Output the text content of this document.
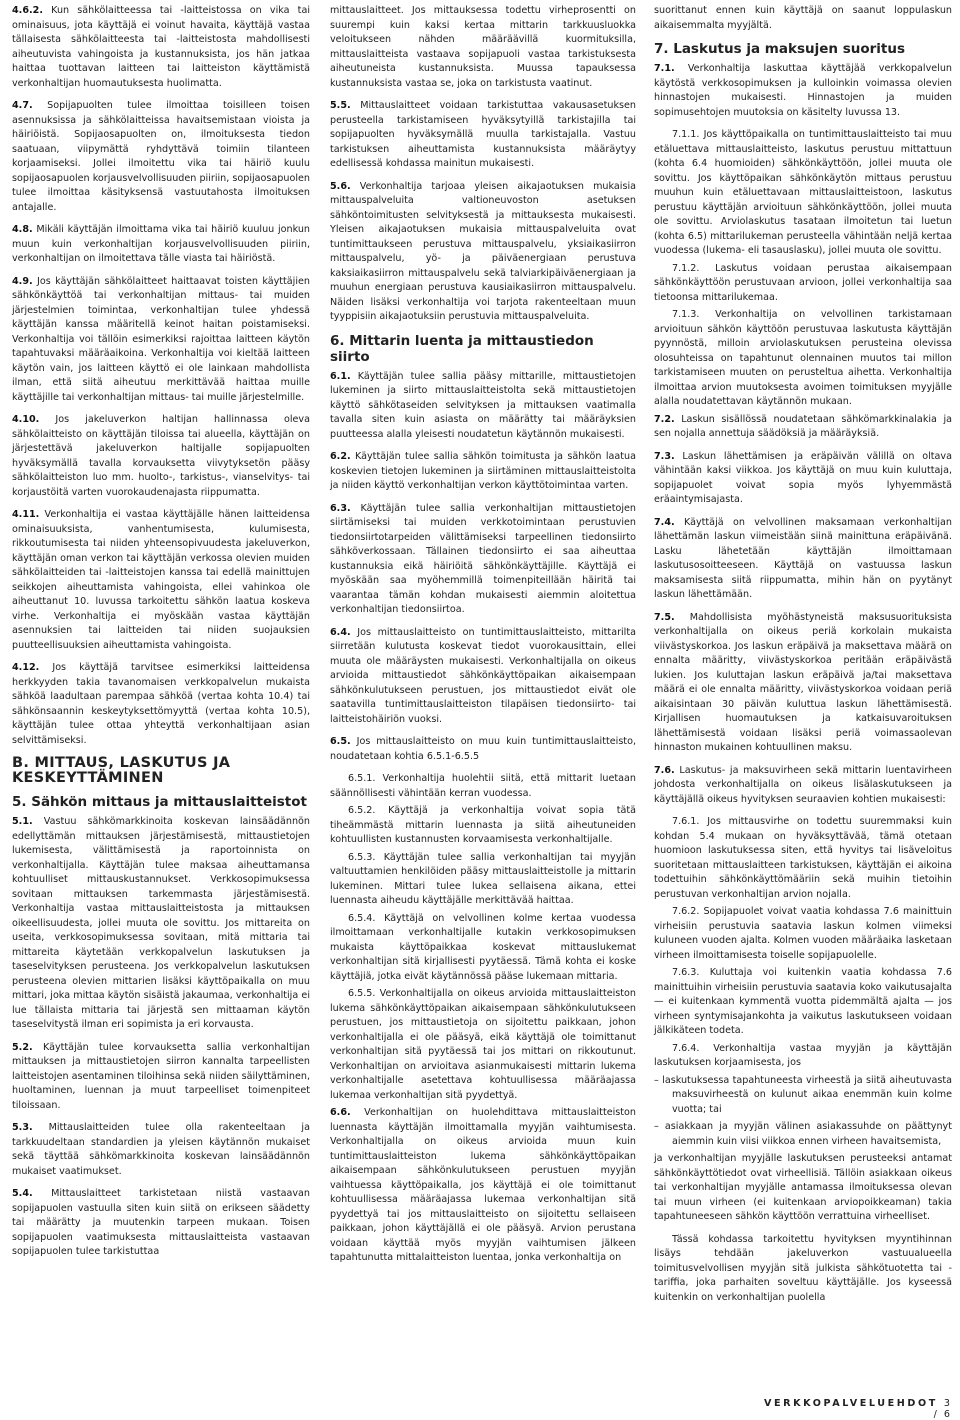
4.6.2. Kun sähkölaitteessa tai -laitteistossa on vika tai ominaisuus, jota käyttäjä ei voinut havaita, käyttäjä vastaa tällaisesta sähkölaitteesta tai -laitteistosta mahdollisesti aiheutuvista vahingoista ja kustannuksista, jos hän jatkaa haittaa tuottavan laitteen tai laitteiston käyttämistä verkonhaltijan huomautuksesta huolimatta.

4.7. Sopijapuolten tulee ilmoittaa toisilleen toisen asennuksissa ja sähkölaitteissa havaitsemistaan vioista ja häiriöistä. Sopijaosapuolten on, ilmoituksesta tiedon saatuaan, viipymättä ryhdyttävä toimiin tilanteen korjaamiseksi. Jollei ilmoitettu vika tai häiriö kuulu sopijaosapuolen korjausvelvollisuuden piiriin, sopijaosapuolen tulee ilmoittaa käsityksensä vastuutahosta ilmoituksen antajalle.

4.8. Mikäli käyttäjän ilmoittama vika tai häiriö kuuluu jonkun muun kuin verkonhaltijan korjausvelvollisuuden piiriin, verkonhaltijan on ilmoitettava tälle viasta tai häiriöstä.

4.9. Jos käyttäjän sähkölaitteet haittaavat toisten käyttäjien sähkönkäyttöä tai verkonhaltijan mittaus- tai muiden järjestelmien toimintaa, verkonhaltijan tulee yhdessä käyttäjän kanssa määritellä keinot haitan poistamiseksi. Verkonhaltija voi tällöin esimerkiksi rajoittaa laitteen käytön tapahtuvaksi määräaikoina. Verkonhaltija voi kieltää laitteen käytön vain, jos laitteen käyttö ei ole lainkaan mahdollista ilman, että siitä aiheutuu merkittävää haittaa muille käyttäjille tai verkonhaltijan mittaus- tai muille järjestelmille.

4.10. Jos jakeluverkon haltijan hallinnassa oleva sähkölaitteisto on käyttäjän tiloissa tai alueella, käyttäjän on järjestettävä jakeluverkon haltijalle sopijapuolten hyväksymällä tavalla korvauksetta viivytyksetön pääsy sähkölaitteiston luo mm. huolto-, tarkistus-, vianselvitys- tai korjaustöitä varten vuorokaudenajasta riippumatta.

4.11. Verkonhaltija ei vastaa käyttäjälle hänen laitteidensa ominaisuuksista, vanhentumisesta, kulumisesta, rikkoutumisesta tai niiden yhteensopivuudesta jakeluverkon, käyttäjän oman verkon tai käyttäjän verkossa olevien muiden sähkölaitteiden tai -laitteistojen kanssa tai edellä mainittujen seikkojen aiheuttamista vahingoista, ellei vahinkoa ole aiheuttanut 10. luvussa tarkoitettu sähkön laatua koskeva virhe. Verkonhaltija ei myöskään vastaa käyttäjän asennuksien tai laitteiden tai niiden suojauksien puutteellisuuksien aiheuttamista vahingoista.

4.12. Jos käyttäjä tarvitsee esimerkiksi laitteidensa herkkyyden takia tavanomaisen verkkopalvelun mukaista sähköä laadultaan parempaa sähköä (vertaa kohta 10.4) tai sähkönsaannin keskeytyksettömyyttä (vertaa kohta 10.5), käyttäjän tulee ottaa yhteyttä verkonhaltijaan asian selvittämiseksi.

B. MITTAUS, LASKUTUS JA KESKEYTTÄMINEN
5. Sähkön mittaus ja mittauslaitteistot

5.1. Vastuu sähkömarkkinoita koskevan lainsäädännön edellyttämän mittauksen järjestämisestä, mittaustietojen lukemisesta, välittämisestä ja raportoinnista on verkonhaltijalla. Käyttäjän tulee maksaa aiheuttamansa kohtuulliset mittauskustannukset. Verkkosopimuksessa sovitaan mittauksen tarkemmasta järjestämisestä. Verkonhaltija vastaa mittauslaitteistosta ja mittauksen oikeellisuudesta, jollei muuta ole sovittu. Jos mittareita on useita, verkkosopimuksessa sovitaan, mitä mittaria tai mittareita käytetään verkkopalvelun laskutuksen ja taseselvityksen perusteena. Jos verkkopalvelun laskutuksen perusteena olevien mittarien lisäksi käyttöpaikalla on muu mittari, joka mittaa käytön sisäistä jakaumaa, verkonhaltija ei lue tällaista mittaria tai järjestä sen mittaaman käytön taseselvitystä ilman eri sopimista ja eri korvausta.

5.2. Käyttäjän tulee korvauksetta sallia verkonhaltijan mittauksen ja mittaustietojen siirron kannalta tarpeellisten laitteistojen asentaminen tiloihinsa sekä niiden säilyttäminen, huoltaminen, luennan ja muut tarpeelliset toimenpiteet tiloissaan.

5.3. Mittauslaitteiden tulee olla rakenteeltaan ja tarkkuudeltaan standardien ja yleisen käytännön mukaiset sekä täyttää sähkömarkkinoita koskevan lainsäädännön mukaiset vaatimukset.

5.4. Mittauslaitteet tarkistetaan niistä vastaavan sopijapuolen vastuulla siten kuin siitä on erikseen säädetty tai määrätty ja muutenkin tarpeen mukaan. Toisen sopijapuolen vaatimuksesta mittauslaitteista vastaavan sopijapuolen tulee tarkistuttaa

mittauslaitteet. Jos mittauksessa todettu virheprosentti on suurempi kuin kaksi kertaa mittarin tarkkuusluokka veloitukseen nähden määräävillä kuormituksilla, mittauslaitteista vastaava sopijapuoli vastaa tarkistuksesta aiheutuneista kustannuksista. Muussa tapauksessa kustannuksista vastaa se, joka on tarkistusta vaatinut.

5.5. Mittauslaitteet voidaan tarkistuttaa vakausasetuksen perusteella tarkistamiseen hyväksytyillä tarkistajilla tai sopijapuolten hyväksymällä muulla tarkistajalla. Vastuu tarkistuksen aiheuttamista kustannuksista määräytyy edellisessä kohdassa mainitun mukaisesti.

5.6. Verkonhaltija tarjoaa yleisen aikajaotuksen mukaisia mittauspalveluita valtioneuvoston asetuksen sähköntoimitusten selvityksestä ja mittauksesta mukaisesti. Yleisen aikajaotuksen mukaisia mittauspalveluita ovat tuntimittaukseen perustuva mittauspalvelu, yksiaikasiirron mittauspalvelu, yö- ja päiväenergiaan perustuva kaksiaikasiirron mittauspalvelu sekä talviarkipäiväenergiaan ja muuhun energiaan perustuva kausiaikasiirron mittauspalvelu. Näiden lisäksi verkonhaltija voi tarjota rakenteeltaan muun tyyppisiin aikajaotuksiin perustuvia mittauspalveluita.

6. Mittarin luenta ja mittaustiedon siirto

6.1. Käyttäjän tulee sallia pääsy mittarille, mittaustietojen lukeminen ja siirto mittauslaitteistolta sekä mittaustietojen käyttö sähkötaseiden selvityksen ja mittauksen vaatimalla tavalla siten kuin asiasta on määrätty tai määräyksien puutteessa alalla yleisesti noudatetun käytännön mukaisesti.

6.2. Käyttäjän tulee sallia sähkön toimitusta ja sähkön laatua koskevien tietojen lukeminen ja siirtäminen mittauslaitteistolta ja niiden käyttö verkonhaltijan verkon käyttötoimintaa varten.

6.3. Käyttäjän tulee sallia verkonhaltijan mittaustietojen siirtämiseksi tai muiden verkkotoimintaan perustuvien tiedonsiirtotarpeiden välittämiseksi tarpeellinen tiedonsiirto sähköverkossaan. Tällainen tiedonsiirto ei saa aiheuttaa kustannuksia eikä häiriöitä sähkönkäyttäjille. Käyttäjä ei myöskään saa myöhemmillä toimenpiteillään häiritä tai vaarantaa tämän kohdan mukaisesti aiemmin aloitettua verkonhaltijan tiedonsiirtoa.

6.4. Jos mittauslaitteisto on tuntimittauslaitteisto, mittarilta siirretään kulutusta koskevat tiedot vuorokausittain, ellei muuta ole määräysten mukaisesti. Verkonhaltijalla on oikeus arvioida mittaustiedot sähkönkäyttöpaikan aikaisempaan sähkönkulutukseen perustuen, jos mittaustiedot eivät ole saatavilla tuntimittauslaitteiston tilapäisen tiedonsiirto- tai laitteistohäiriön vuoksi.

6.5. Jos mittauslaitteisto on muu kuin tuntimittauslaitteisto, noudatetaan kohtia 6.5.1-6.5.5

6.5.1. Verkonhaltija huolehtii siitä, että mittarit luetaan säännöllisesti vähintään kerran vuodessa.

6.5.2. Käyttäjä ja verkonhaltija voivat sopia tätä tiheämmästä mittarin luennasta ja siitä aiheutuneiden kohtuullisten kustannusten korvaamisesta verkonhaltijalle.

6.5.3. Käyttäjän tulee sallia verkonhaltijan tai myyjän valtuuttamien henkilöiden pääsy mittauslaitteistolle ja mittarin lukeminen. Mittari tulee lukea sellaisena aikana, ettei luennasta aiheudu käyttäjälle merkittävää haittaa.

6.5.4. Käyttäjä on velvollinen kolme kertaa vuodessa ilmoittamaan verkonhaltijalle kutakin verkkosopimuksen mukaista käyttöpaikkaa koskevat mittauslukemat verkonhaltijan sitä kirjallisesti pyytäessä. Tämä kohta ei koske käyttäjiä, jotka eivät käytännössä pääse lukemaan mittaria.

6.5.5. Verkonhaltijalla on oikeus arvioida mittauslaitteiston lukema sähkönkäyttöpaikan aikaisempaan sähkönkulutukseen perustuen, jos mittaustietoja on sijoitettu paikkaan, johon verkonhaltijalla ei ole pääsyä, eikä käyttäjä ole toimittanut verkonhaltijan sitä pyytäessä tai jos mittari on rikkoutunut. Verkonhaltijan on arvioitava asianmukaisesti mittarin lukema verkonhaltijalle asetettava kohtuullisessa määräajassa lukemaa verkonhaltijan sitä pyydettyä.

6.6. Verkonhaltijan on huolehdittava mittauslaitteiston luennasta käyttäjän ilmoittamalla myyjän vaihtumisesta. Verkonhaltijalla on oikeus arvioida muun kuin tuntimittauslaitteiston lukema sähkönkäyttöpaikan aikaisempaan sähkönkulutukseen perustuen myyjän vaihtuessa käyttöpaikalla, jos käyttäjä ei ole toimittanut kohtuullisessa määräajassa lukemaa verkonhaltijan sitä pyydettyä tai jos mittauslaitteisto on sijoitettu sellaiseen paikkaan, johon käyttäjällä ei ole pääsyä. Arvion perustana voidaan käyttää myös myyjän vaihtumisen jälkeen tapahtunutta mittalaitteiston luentaa, jonka verkonhaltija on

suorittanut ennen kuin käyttäjä on saanut loppulaskun aikaisemmalta myyjältä.

7. Laskutus ja maksujen suoritus

7.1. Verkonhaltija laskuttaa käyttäjää verkkopalvelun käytöstä verkkosopimuksen ja kulloinkin voimassa olevien hinnastojen mukaisesti. Hinnastojen ja muiden sopimusehtojen muutoksia on käsitelty luvussa 13.

7.1.1. Jos käyttöpaikalla on tuntimittauslaitteisto tai muu etäluettava mittauslaitteisto, laskutus perustuu mittattuun (kohta 6.4 huomioiden) sähkönkäyttöön, jollei muuta ole sovittu. Jos käyttöpaikan sähkönkäytön mittaus perustuu muuhun kuin etäluettavaan mittauslaitteistoon, laskutus perustuu käyttäjän arvioituun sähkönkäyttöön, jollei muuta ole sovittu. Arviolaskutus tasataan ilmoitetun tai luetun (kohta 6.5) mittarilukeman perusteella vähintään neljä kertaa vuodessa (lukema- eli tasauslasku), jollei muuta ole sovittu.

7.1.2. Laskutus voidaan perustaa aikaisempaan sähkönkäyttöön perustuvaan arvioon, jollei verkonhaltija saa tietoonsa mittarilukemaa.

7.1.3. Verkonhaltija on velvollinen tarkistamaan arvioituun sähkön käyttöön perustuvaa laskutusta käyttäjän pyynnöstä, milloin arviolaskutuksen perusteina olevissa olosuhteissa on tapahtunut olennainen muutos tai millon tarkistamiseen muuten on perusteltua aihetta. Verkonhaltija ilmoittaa arvion muutoksesta avoimen toimituksen myyjälle alalla noudatettavan käytännön mukaan.

7.2. Laskun sisällössä noudatetaan sähkömarkkinalakia ja sen nojalla annettuja säädöksiä ja määräyksiä.

7.3. Laskun lähettämisen ja eräpäivän välillä on oltava vähintään kaksi viikkoa. Jos käyttäjä on muu kuin kuluttaja, sopijapuolet voivat sopia myös lyhyemmästä eräaintymisajasta.

7.4. Käyttäjä on velvollinen maksamaan verkonhaltijan lähettämän laskun viimeistään siinä mainittuna eräpäivänä. Lasku lähetetään käyttäjän ilmoittamaan laskutusosoitteeseen. Käyttäjä on vastuussa laskun maksamisesta siitä riippumatta, mihin hän on pyytänyt laskun lähettämään.

7.5. Mahdollisista myöhästyneistä maksusuorituksista verkonhaltijalla on oikeus periä korkolain mukaista viivästyskorkoa. Jos laskun eräpäivä ja maksettava määrä on ennalta määritty, viivästyskorkoa peritään eräpäivästä lukien. Jos kuluttajan laskun eräpäivä ja/tai maksettava määrä ei ole ennalta määritty, viivästyskorkoa voidaan periä aikaisintaan 30 päivän kuluttua laskun lähettämisestä. Kirjallisen huomautuksen ja katkaisuvaroituksen lähettämisestä voidaan lisäksi periä voimassaolevan hinnaston mukainen kohtuullinen maksu.

7.6. Laskutus- ja maksuvirheen sekä mittarin luentavirheen johdosta verkonhaltijalla on oikeus lisälaskutukseen ja käyttäjällä oikeus hyvityksen seuraavien kohtien mukaisesti:

7.6.1. Jos mittausvirhe on todettu suuremmaksi kuin kohdan 5.4 mukaan on hyväksyttävää, tämä otetaan huomioon laskutuksessa siten, että hyvitys tai lisäveloitus suoritetaan mittauslaitteen tarkistuksen, käyttäjän ei aikoina todettuihin sähkönkäyttömääriin sekä muihin tietoihin perustuvan verkonhaltijan arvion nojalla.

7.6.2. Sopijapuolet voivat vaatia kohdassa 7.6 mainittuin virheisiin perustuvia saatavia laskun kolmen viimeksi kuluneen vuoden ajalta. Kolmen vuoden määräaika lasketaan virheen ilmoittamisesta toiselle sopijapuolelle.

7.6.3. Kuluttaja voi kuitenkin vaatia kohdassa 7.6 mainittuihin virheisiin perustuvia saatavia koko vaikutusajalta — ei kuitenkaan kymmentä vuotta pidemmältä ajalta — jos virheen syntymisajankohta ja vaikutus laskutukseen voidaan jälkikäteen todeta.

7.6.4. Verkonhaltija vastaa myyjän ja käyttäjän laskutuksen korjaamisesta, jos

– laskutuksessa tapahtuneesta virheestä ja siitä aiheutuvasta maksuvirheestä on kulunut aikaa enemmän kuin kolme vuotta; tai

– asiakkaan ja myyjän välinen asiakassuhde on päättynyt aiemmin kuin viisi viikkoa ennen virheen havaitsemista,

ja verkonhaltijan myyjälle laskutuksen perusteeksi antamat sähkönkäyttötiedot ovat virheellisiä. Tällöin asiakkaan oikeus tai verkonhaltijan myyjälle antamassa ilmoituksessa olevan tai muun virheen (ei kuitenkaan arviopoikkeaman) takia tapahtuneeseen sähkön käyttöön verrattuina virheelliset.

Tässä kohdassa tarkoitettu hyvityksen myyntihinnan lisäys tehdään jakeluverkon vastuualueella toimitusvelvollisen myyjän sitä julkista sähkötuotetta tai -tariffia, joka parhaiten soveltuu käyttäjälle. Jos kyseessä kuitenkin on verkonhaltijan puolella

VERKKOPALVELUEHDOT 3 / 6
